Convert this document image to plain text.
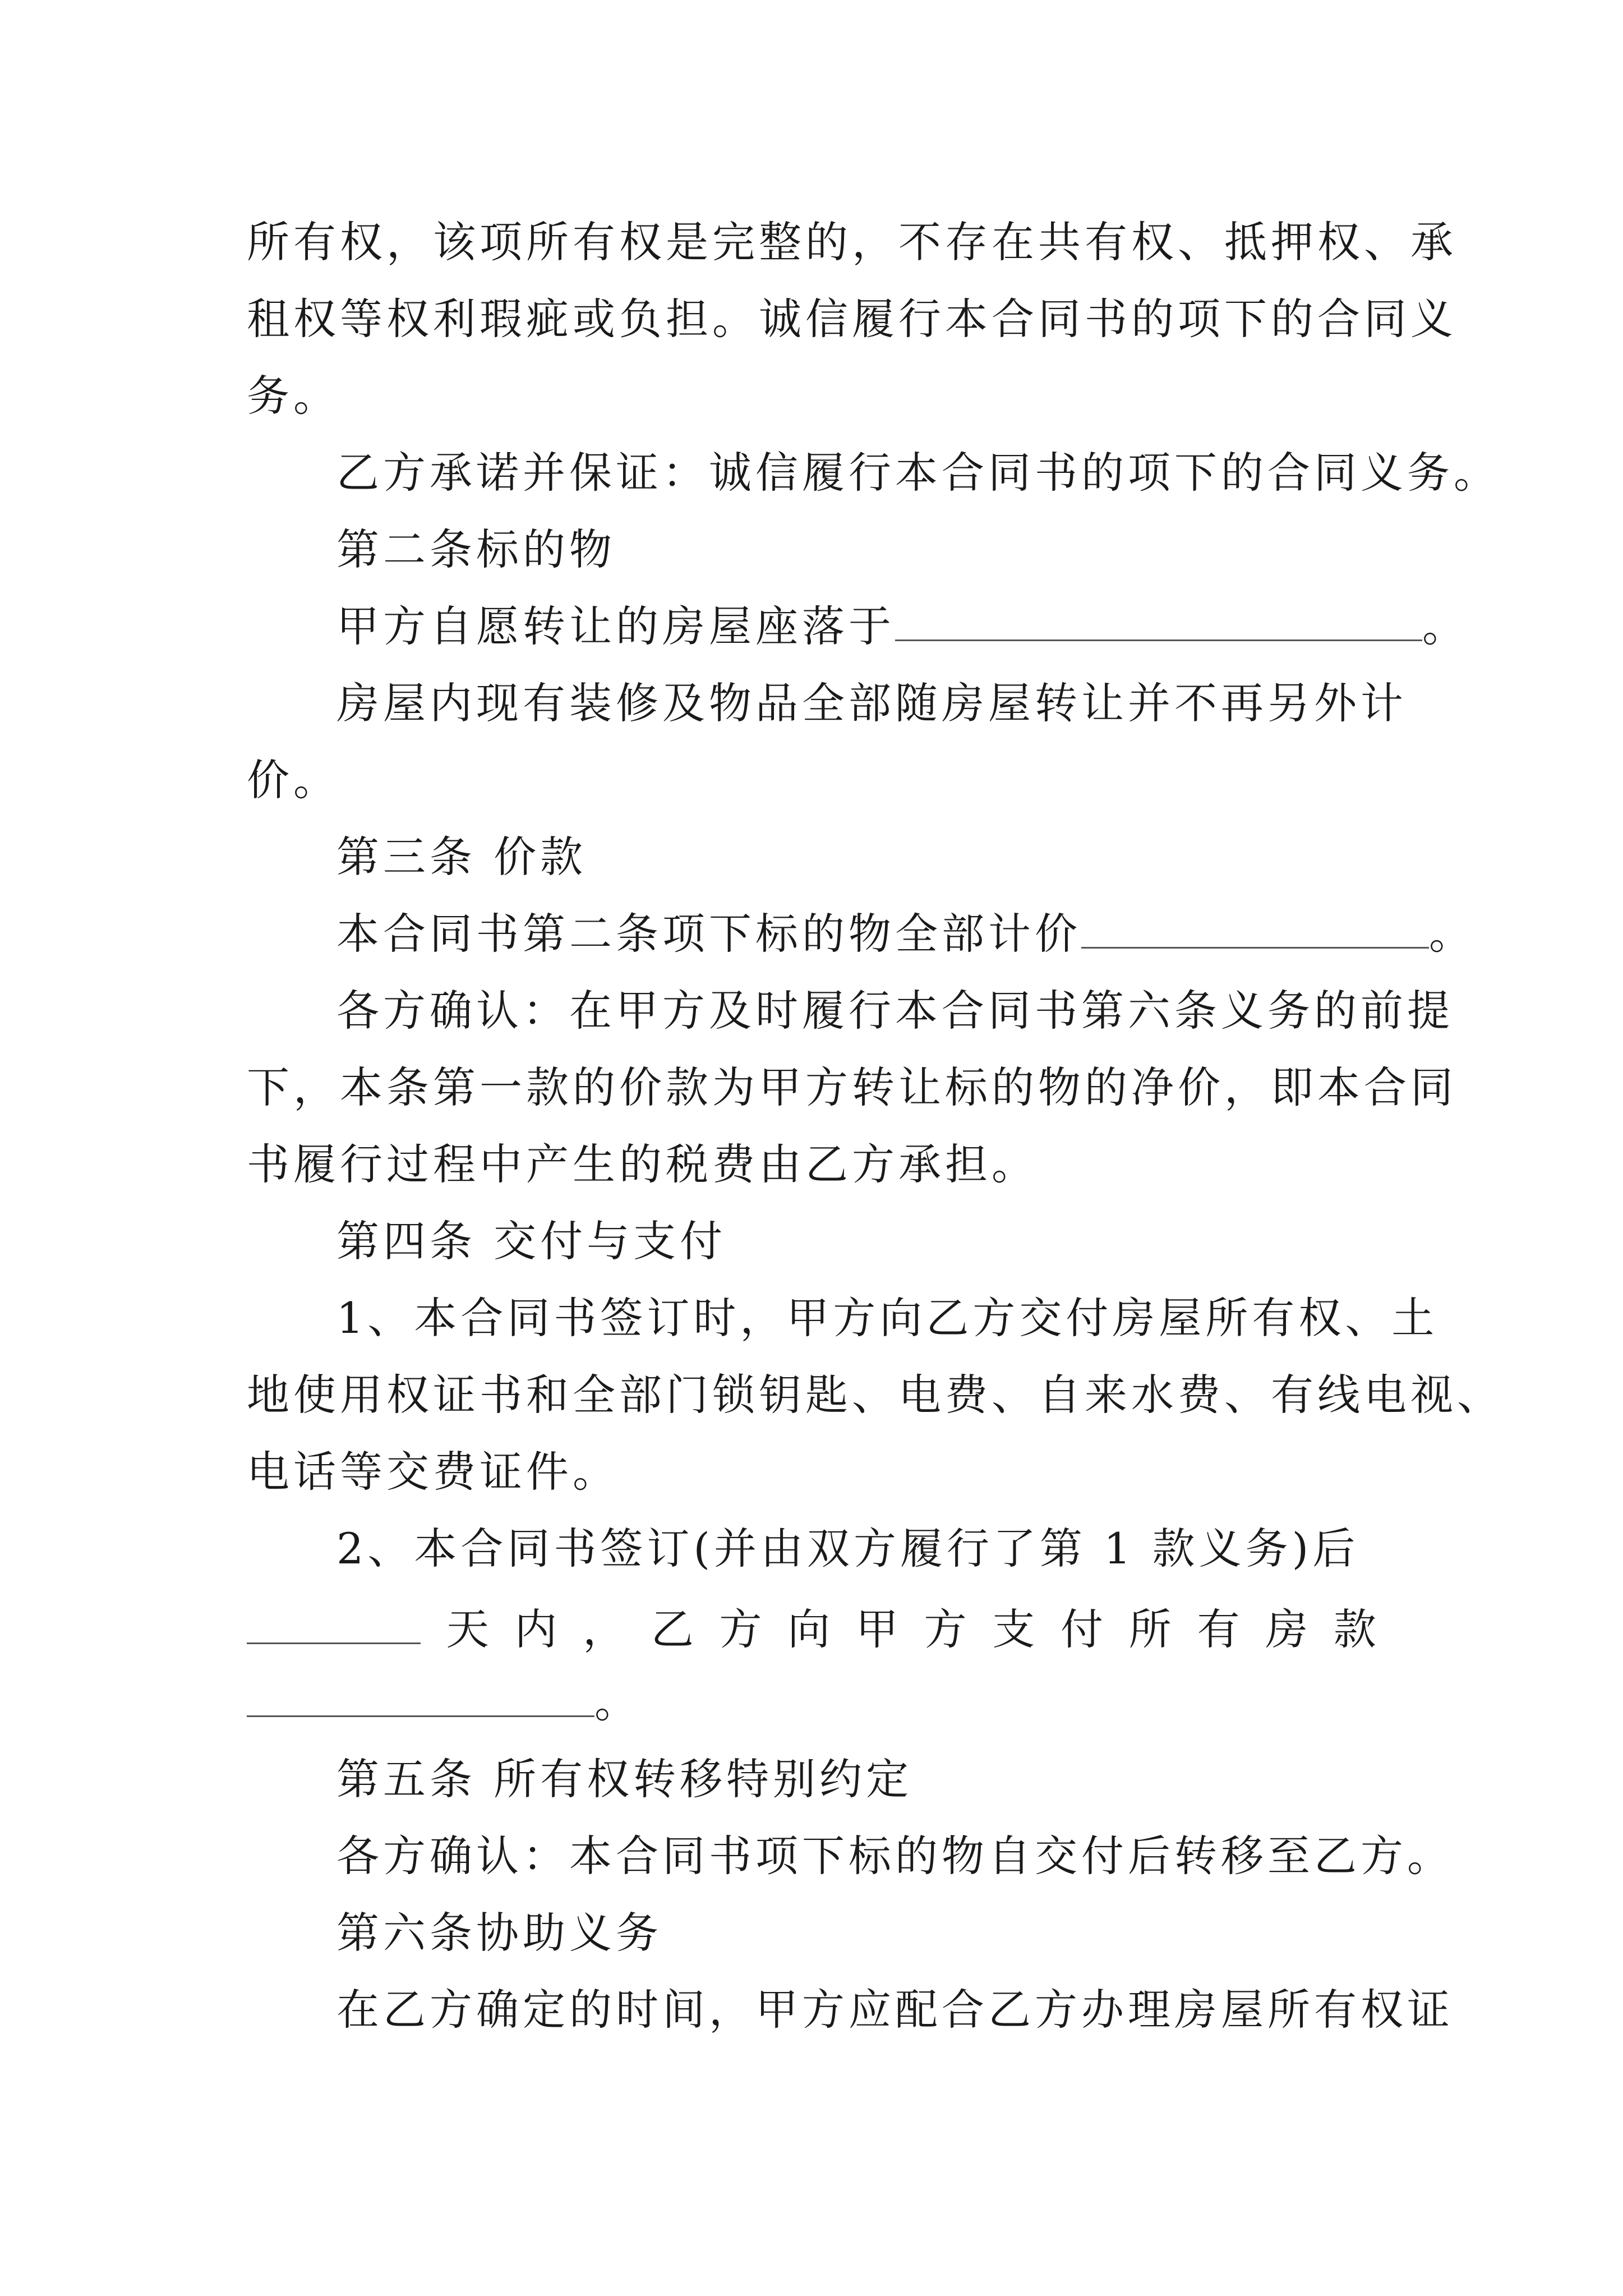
所有权，该项所有权是完整的，不存在共有权、抵押权、承
租权等权利瑕疵或负担。诚信履行本合同书的项下的合同义
务。
乙方承诺并保证：诚信履行本合同书的项下的合同义务。
第二条标的物
甲方自愿转让的房屋座落于	。
房屋内现有装修及物品全部随房屋转让并不再另外计
价。
第三条 价款
本合同书第二条项下标的物全部计价	。
各方确认：在甲方及时履行本合同书第六条义务的前提
下，本条第一款的价款为甲方转让标的物的净价，即本合同
书履行过程中产生的税费由乙方承担。
第四条 交付与支付
1、本合同书签订时，甲方向乙方交付房屋所有权、土
地使用权证书和全部门锁钥匙、电费、自来水费、有线电视、
电话等交费证件。
2、本合同书签订(并由双方履行了第 1 款义务)后
天 内 ， 乙 方 向 甲 方 支 付 所 有 房 款
。
第五条 所有权转移特别约定
各方确认：本合同书项下标的物自交付后转移至乙方。
第六条协助义务
在乙方确定的时间，甲方应配合乙方办理房屋所有权证
